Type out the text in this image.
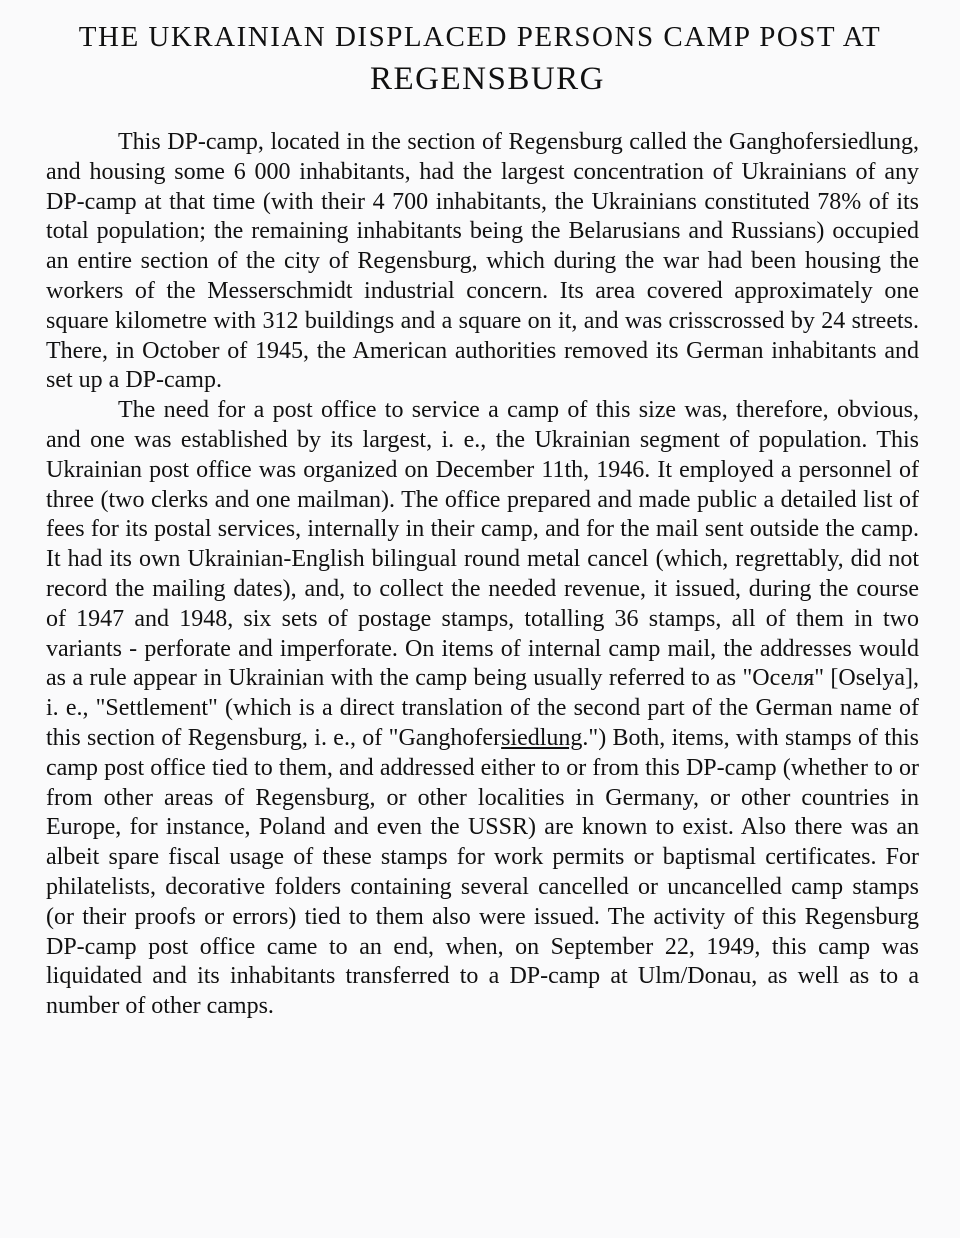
THE UKRAINIAN DISPLACED PERSONS CAMP POST AT
REGENSBURG

This DP-camp, located in the section of Regensburg called the Ganghofersiedlung, and housing some 6 000 inhabitants, had the largest concentration of Ukrainians of any DP-camp at that time (with their 4 700 inhabitants, the Ukrainians constituted 78% of its total population; the remaining inhabitants being the Belarusians and Russians) occupied an entire section of the city of Regensburg, which during the war had been housing the workers of the Messerschmidt industrial concern. Its area covered approximately one square kilometre with 312 buildings and a square on it, and was crisscrossed by 24 streets. There, in October of 1945, the American authorities removed its German inhabitants and set up a DP-camp.

The need for a post office to service a camp of this size was, therefore, obvious, and one was established by its largest, i. e., the Ukrainian segment of population. This Ukrainian post office was organized on December 11th, 1946. It employed a personnel of three (two clerks and one mailman). The office prepared and made public a detailed list of fees for its postal services, internally in their camp, and for the mail sent outside the camp. It had its own Ukrainian-English bilingual round metal cancel (which, regrettably, did not record the mailing dates), and, to collect the needed revenue, it issued, during the course of 1947 and 1948, six sets of postage stamps, totalling 36 stamps, all of them in two variants - perforate and imperforate. On items of internal camp mail, the addresses would as a rule appear in Ukrainian with the camp being usually referred to as "Оселя" [Oselya], i. e., "Settlement" (which is a direct translation of the second part of the German name of this section of Regensburg, i. e., of "Ganghofersiedlung.") Both, items, with stamps of this camp post office tied to them, and addressed either to or from this DP-camp (whether to or from other areas of Regensburg, or other localities in Germany, or other countries in Europe, for instance, Poland and even the USSR) are known to exist. Also there was an albeit spare fiscal usage of these stamps for work permits or baptismal certificates. For philatelists, decorative folders containing several cancelled or uncancelled camp stamps (or their proofs or errors) tied to them also were issued. The activity of this Regensburg DP-camp post office came to an end, when, on September 22, 1949, this camp was liquidated and its inhabitants transferred to a DP-camp at Ulm/Donau, as well as to a number of other camps.
